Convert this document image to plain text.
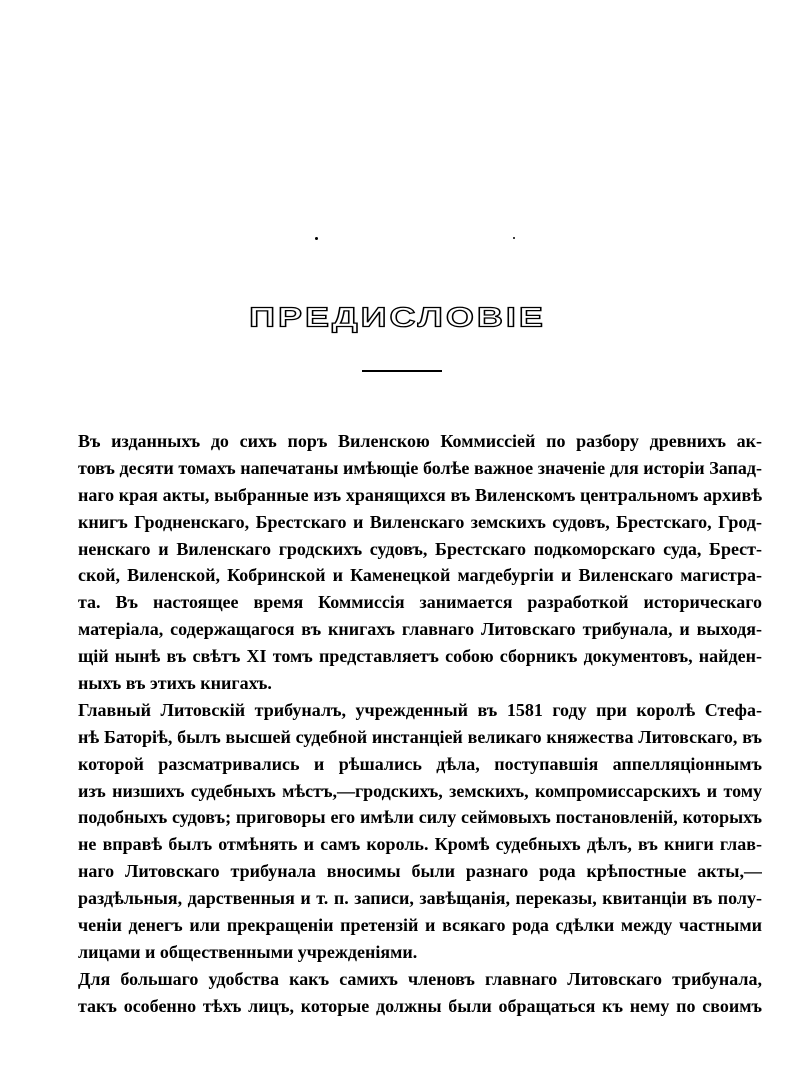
ПРЕДИСЛОВІЕ
Въ изданныхъ до сихъ поръ Виленскою Коммиссіей по разбору древнихъ ак-
товъ десяти томахъ напечатаны имѣющіе болѣе важное значеніе для исторіи Запад-
наго края акты, выбранные изъ хранящихся въ Виленскомъ центральномъ архивѣ
книгъ Гродненскаго, Брестскаго и Виленскаго земскихъ судовъ, Брестскаго, Грод-
ненскаго и Виленскаго гродскихъ судовъ, Брестскаго подкоморскаго суда, Брест-
ской, Виленской, Кобринской и Каменецкой магдебургіи и Виленскаго магистра-
та. Въ настоящее время Коммиссія занимается разработкой историческаго
матеріала, содержащагося въ книгахъ главнаго Литовскаго трибунала, и выходя-
щій нынѣ въ свѣтъ XI томъ представляетъ собою сборникъ документовъ, найден-
ныхъ въ этихъ книгахъ.
Главный Литовскій трибуналъ, учрежденный въ 1581 году при королѣ Стефа-
нѣ Баторіѣ, былъ высшей судебной инстанціей великаго княжества Литовскаго, въ
которой разсматривались и рѣшались дѣла, поступавшія аппелляціоннымъ
изъ низшихъ судебныхъ мѣстъ,—гродскихъ, земскихъ, компромиссарскихъ и тому
подобныхъ судовъ; приговоры его имѣли силу сеймовыхъ постановленій, которыхъ
не вправѣ былъ отмѣнять и самъ король. Кромѣ судебныхъ дѣлъ, въ книги глав-
наго Литовскаго трибунала вносимы были разнаго рода крѣпостные акты,—
раздѣльныя, дарственныя и т. п. записи, завѣщанія, переказы, квитанціи въ полу-
ченіи денегъ или прекращеніи претензій и всякаго рода сдѣлки между частными
лицами и общественными учрежденіями.
Для большаго удобства какъ самихъ членовъ главнаго Литовскаго трибунала,
такъ особенно тѣхъ лицъ, которые должны были обращаться къ нему по своимъ
